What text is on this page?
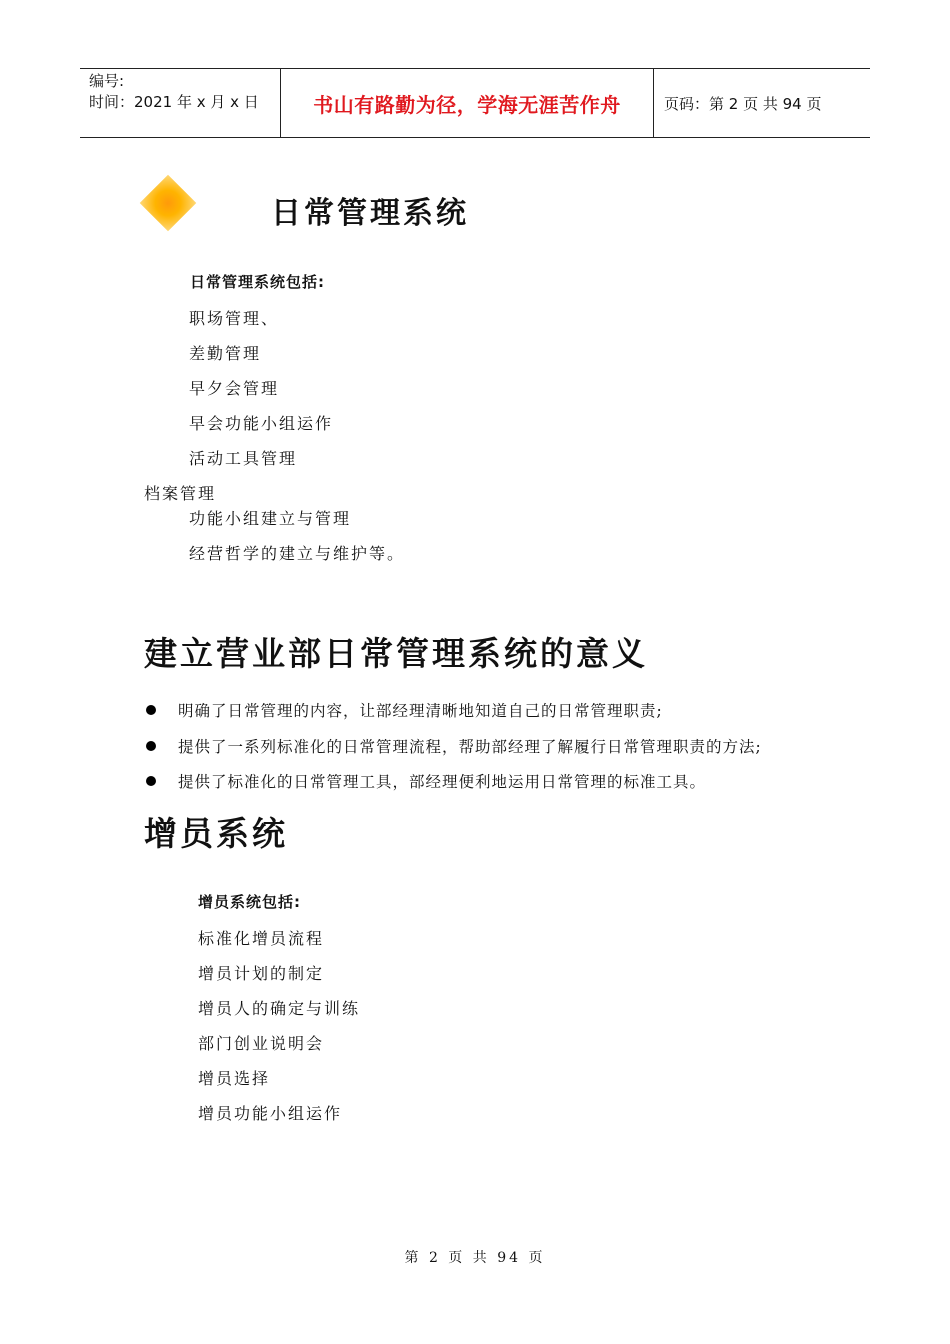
编号:
时间：2021 年 x 月 x 日	书山有路勤为径，学海无涯苦作舟	页码：第 2 页 共 94 页
日常管理系统
日常管理系统包括:
职场管理、
差勤管理
早夕会管理
早会功能小组运作
活动工具管理
档案管理
功能小组建立与管理
经营哲学的建立与维护等。
建立营业部日常管理系统的意义
明确了日常管理的内容，让部经理清晰地知道自己的日常管理职责;
提供了一系列标准化的日常管理流程，帮助部经理了解履行日常管理职责的方法;
提供了标准化的日常管理工具，部经理便利地运用日常管理的标准工具。
增员系统
增员系统包括:
标准化增员流程
增员计划的制定
增员人的确定与训练
部门创业说明会
增员选择
增员功能小组运作
第 2 页 共 94 页
